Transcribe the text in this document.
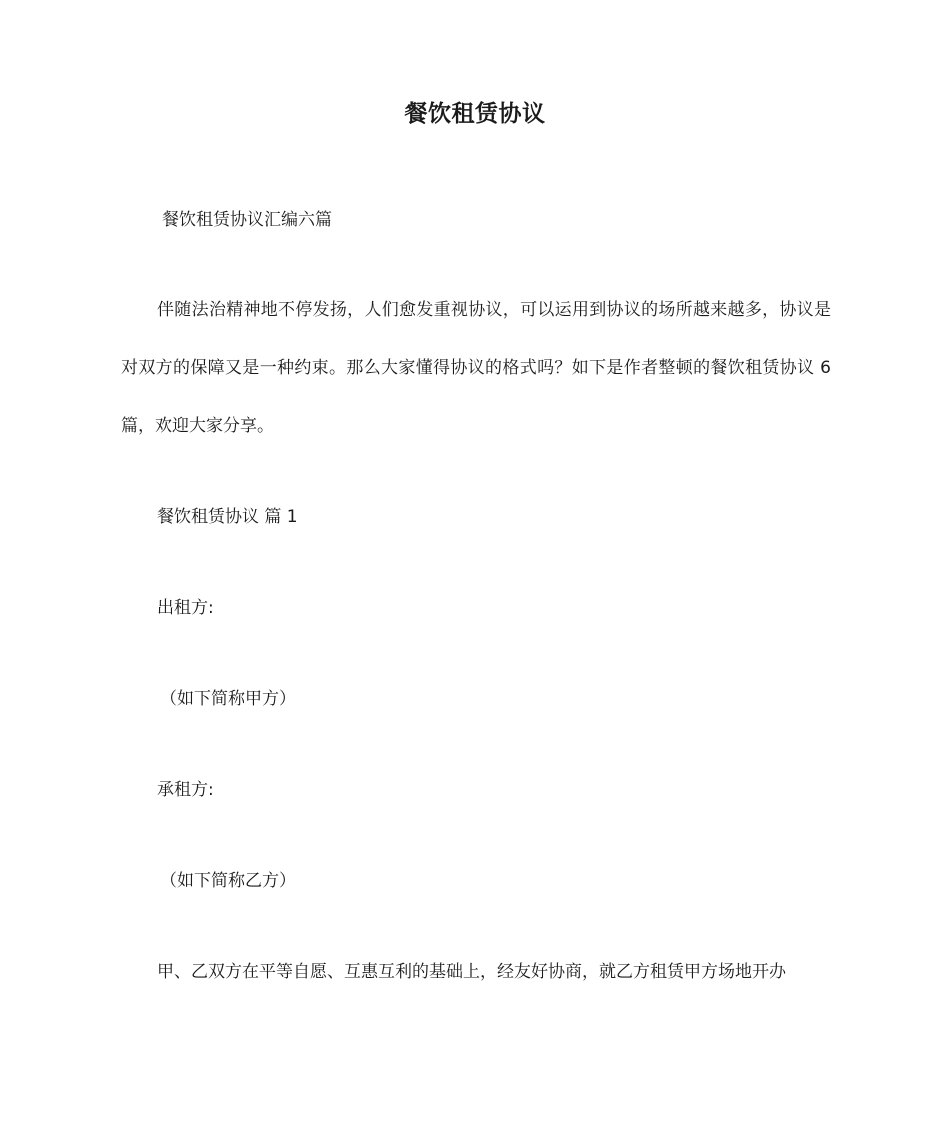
餐饮租赁协议
餐饮租赁协议汇编六篇
伴随法治精神地不停发扬，人们愈发重视协议，可以运用到协议的场所越来越多，协议是对双方的保障又是一种约束。那么大家懂得协议的格式吗？如下是作者整顿的餐饮租赁协议 6 篇，欢迎大家分享。
餐饮租赁协议 篇 1
出租方:
（如下简称甲方）
承租方:
（如下简称乙方）
甲、乙双方在平等自愿、互惠互利的基础上，经友好协商，就乙方租赁甲方场地开办
